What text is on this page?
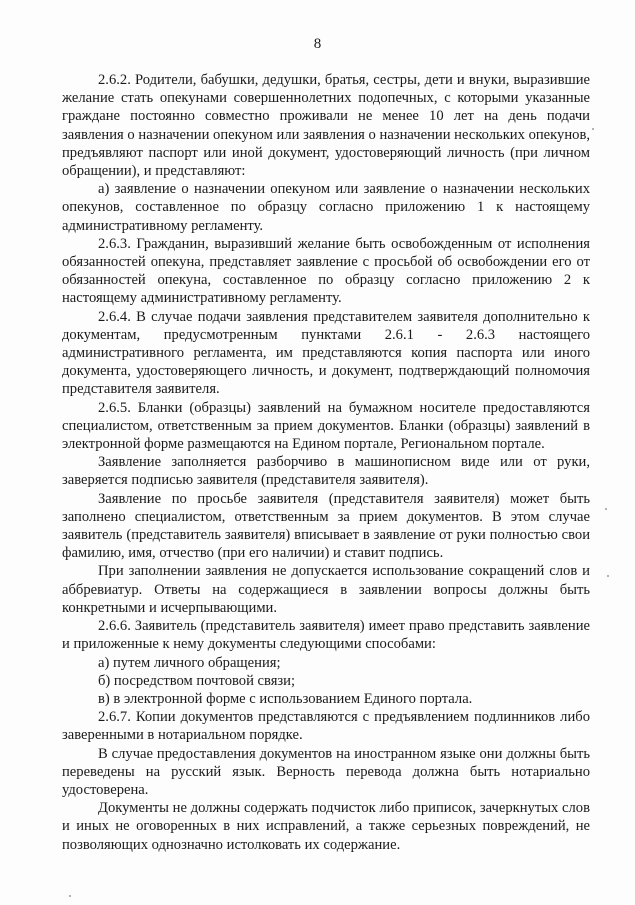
8

2.6.2. Родители, бабушки, дедушки, братья, сестры, дети и внуки, выразившие желание стать опекунами совершеннолетних подопечных, с которыми указанные граждане постоянно совместно проживали не менее 10 лет на день подачи заявления о назначении опекуном или заявления о назначении нескольких опекунов, предъявляют паспорт или иной документ, удостоверяющий личность (при личном обращении), и представляют:

а) заявление о назначении опекуном или заявление о назначении нескольких опекунов, составленное по образцу согласно приложению 1 к настоящему административному регламенту.

2.6.3. Гражданин, выразивший желание быть освобожденным от исполнения обязанностей опекуна, представляет заявление с просьбой об освобождении его от обязанностей опекуна, составленное по образцу согласно приложению 2 к настоящему административному регламенту.

2.6.4. В случае подачи заявления представителем заявителя дополнительно к документам, предусмотренным пунктами 2.6.1 - 2.6.3 настоящего административного регламента, им представляются копия паспорта или иного документа, удостоверяющего личность, и документ, подтверждающий полномочия представителя заявителя.

2.6.5. Бланки (образцы) заявлений на бумажном носителе предоставляются специалистом, ответственным за прием документов. Бланки (образцы) заявлений в электронной форме размещаются на Едином портале, Региональном портале.

Заявление заполняется разборчиво в машинописном виде или от руки, заверяется подписью заявителя (представителя заявителя).

Заявление по просьбе заявителя (представителя заявителя) может быть заполнено специалистом, ответственным за прием документов. В этом случае заявитель (представитель заявителя) вписывает в заявление от руки полностью свои фамилию, имя, отчество (при его наличии) и ставит подпись.

При заполнении заявления не допускается использование сокращений слов и аббревиатур. Ответы на содержащиеся в заявлении вопросы должны быть конкретными и исчерпывающими.

2.6.6. Заявитель (представитель заявителя) имеет право представить заявление и приложенные к нему документы следующими способами:

а) путем личного обращения;

б) посредством почтовой связи;

в) в электронной форме с использованием Единого портала.

2.6.7. Копии документов представляются с предъявлением подлинников либо заверенными в нотариальном порядке.

В случае предоставления документов на иностранном языке они должны быть переведены на русский язык. Верность перевода должна быть нотариально удостоверена.

Документы не должны содержать подчисток либо приписок, зачеркнутых слов и иных не оговоренных в них исправлений, а также серьезных повреждений, не позволяющих однозначно истолковать их содержание.
